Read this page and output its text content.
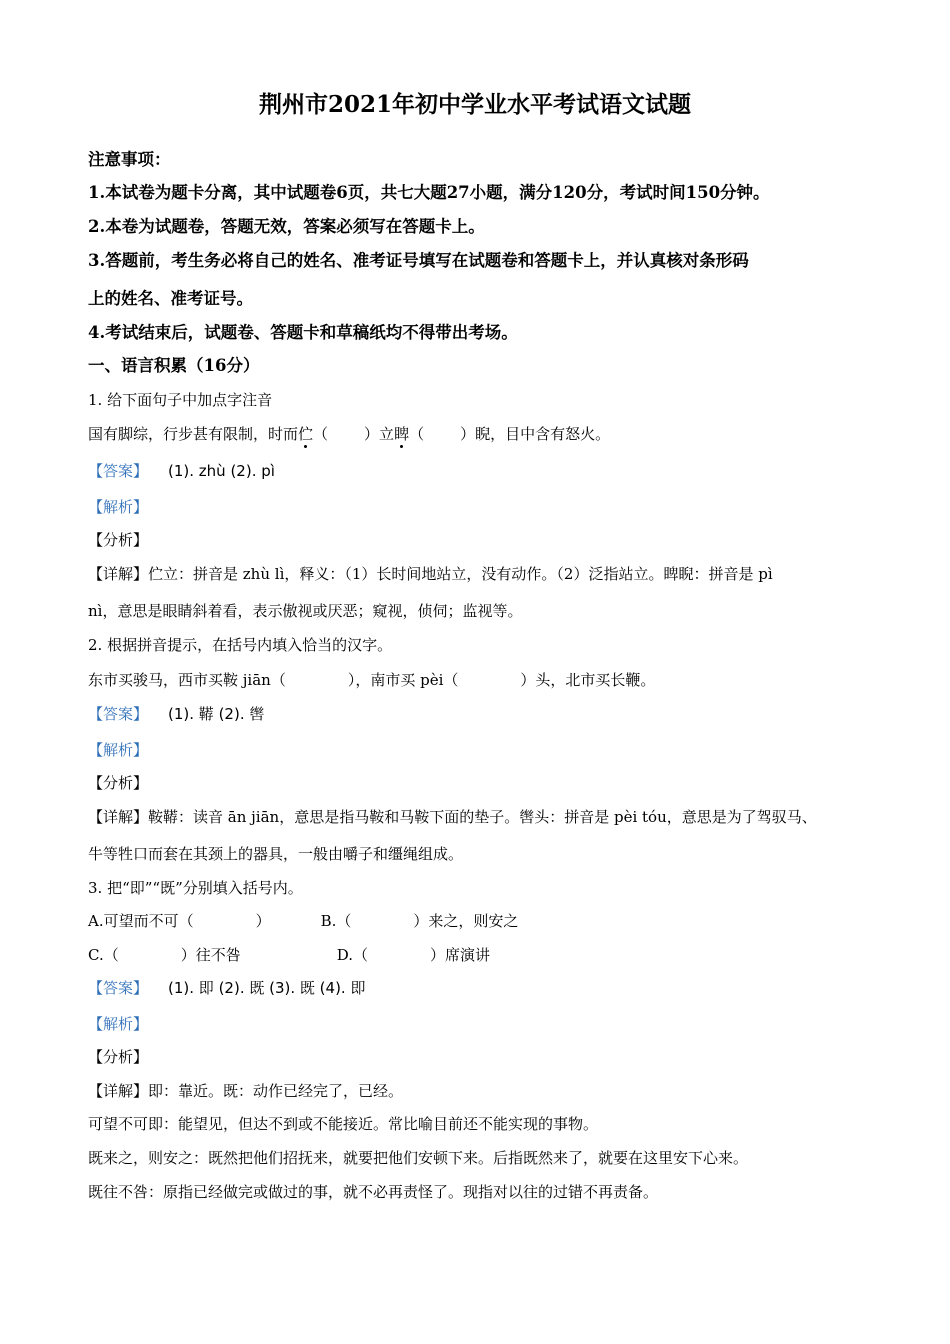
荆州市2021年初中学业水平考试语文试题
注意事项：
1.本试卷为题卡分离，其中试题卷6页，共七大题27小题，满分120分，考试时间150分钟。
2.本卷为试题卷，答题无效，答案必须写在答题卡上。
3.答题前，考生务必将自己的姓名、准考证号填写在试题卷和答题卡上，并认真核对条形码
上的姓名、准考证号。
4.考试结束后，试题卷、答题卡和草稿纸均不得带出考场。
一、语言积累（16分）
1. 给下面句子中加点字注音
国有脚综，行步甚有限制，时而伫（ ）立睥（ ）睨，目中含有怒火。
【答案】 (1). zhù (2). pì
【解析】
【分析】
【详解】伫立：拼音是 zhù lì，释义：（1）长时间地站立，没有动作。（2）泛指站立。睥睨：拼音是 pì
nì，意思是眼睛斜着看，表示傲视或厌恶；窥视，侦伺；监视等。
2. 根据拼音提示，在括号内填入恰当的汉字。
东市买骏马，西市买鞍 jiān（	），南市买 pèi（	）头，北市买长鞭。
【答案】 (1). 鞯 (2). 辔
【解析】
【分析】
【详解】鞍鞯：读音 ān jiān，意思是指马鞍和马鞍下面的垫子。辔头：拼音是 pèi tóu，意思是为了驾驭马、
牛等牲口而套在其颈上的器具，一般由嚼子和缰绳组成。
3. 把“即”“既”分别填入括号内。
A.可望而不可（	）	B.（	）来之，则安之
C.（	）往不咎	D.（	）席演讲
【答案】 (1). 即 (2). 既 (3). 既 (4). 即
【解析】
【分析】
【详解】即：靠近。既：动作已经完了，已经。
可望不可即：能望见，但达不到或不能接近。常比喻目前还不能实现的事物。
既来之，则安之：既然把他们招抚来，就要把他们安顿下来。后指既然来了，就要在这里安下心来。
既往不咎：原指已经做完或做过的事，就不必再责怪了。现指对以往的过错不再责备。
